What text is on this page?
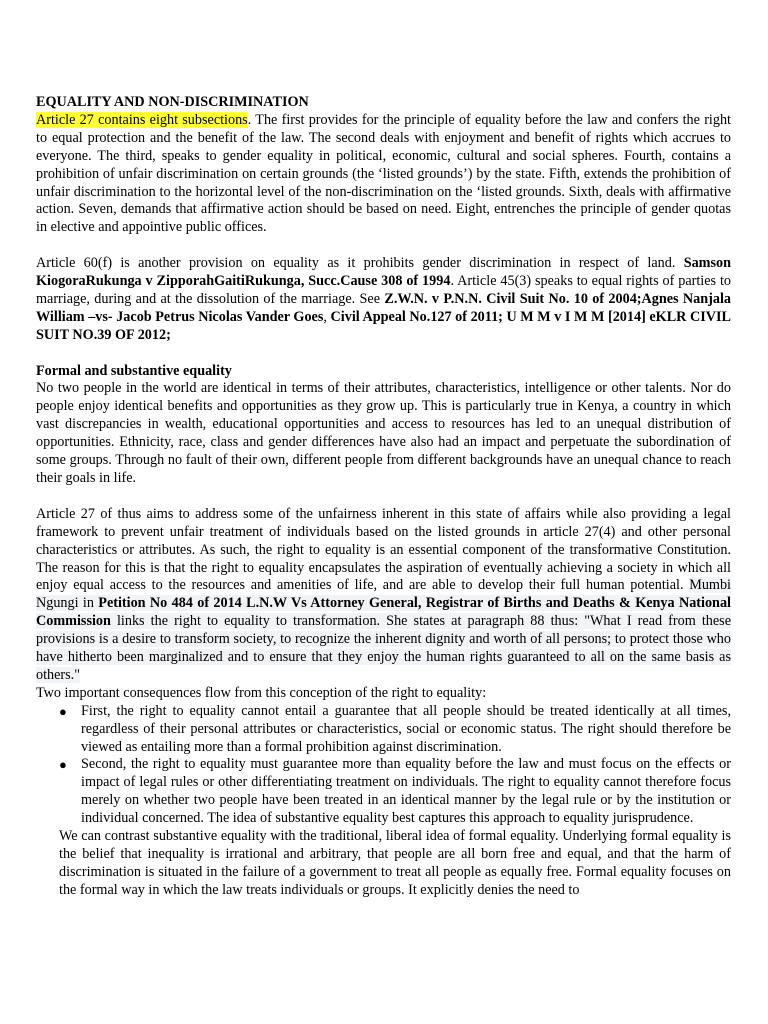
EQUALITY AND NON-DISCRIMINATION

Article 27 contains eight subsections. The first provides for the principle of equality before the law and confers the right to equal protection and the benefit of the law. The second deals with enjoyment and benefit of rights which accrues to everyone. The third, speaks to gender equality in political, economic, cultural and social spheres. Fourth, contains a prohibition of unfair discrimination on certain grounds (the ‘listed grounds’) by the state. Fifth, extends the prohibition of unfair discrimination to the horizontal level of the non-discrimination on the ‘listed grounds. Sixth, deals with affirmative action. Seven, demands that affirmative action should be based on need. Eight, entrenches the principle of gender quotas in elective and appointive public offices.

Article 60(f) is another provision on equality as it prohibits gender discrimination in respect of land. Samson KiogoraRukunga v ZipporahGaitiRukunga, Succ.Cause 308 of 1994. Article 45(3) speaks to equal rights of parties to marriage, during and at the dissolution of the marriage. See Z.W.N. v P.N.N. Civil Suit No. 10 of 2004;Agnes Nanjala William –vs- Jacob Petrus Nicolas Vander Goes, Civil Appeal No.127 of 2011; U M M v I M M [2014] eKLR CIVIL SUIT NO.39 OF 2012;

Formal and substantive equality

No two people in the world are identical in terms of their attributes, characteristics, intelligence or other talents. Nor do people enjoy identical benefits and opportunities as they grow up. This is particularly true in Kenya, a country in which vast discrepancies in wealth, educational opportunities and access to resources has led to an unequal distribution of opportunities. Ethnicity, race, class and gender differences have also had an impact and perpetuate the subordination of some groups. Through no fault of their own, different people from different backgrounds have an unequal chance to reach their goals in life.

Article 27 of thus aims to address some of the unfairness inherent in this state of affairs while also providing a legal framework to prevent unfair treatment of individuals based on the listed grounds in article 27(4) and other personal characteristics or attributes. As such, the right to equality is an essential component of the transformative Constitution. The reason for this is that the right to equality encapsulates the aspiration of eventually achieving a society in which all enjoy equal access to the resources and amenities of life, and are able to develop their full human potential. Mumbi Ngungi in Petition No 484 of 2014 L.N.W Vs Attorney General, Registrar of Births and Deaths & Kenya National Commission links the right to equality to transformation. She states at paragraph 88 thus: "What I read from these provisions is a desire to transform society, to recognize the inherent dignity and worth of all persons; to protect those who have hitherto been marginalized and to ensure that they enjoy the human rights guaranteed to all on the same basis as others."

Two important consequences flow from this conception of the right to equality:

● First, the right to equality cannot entail a guarantee that all people should be treated identically at all times, regardless of their personal attributes or characteristics, social or economic status. The right should therefore be viewed as entailing more than a formal prohibition against discrimination.
● Second, the right to equality must guarantee more than equality before the law and must focus on the effects or impact of legal rules or other differentiating treatment on individuals. The right to equality cannot therefore focus merely on whether two people have been treated in an identical manner by the legal rule or by the institution or individual concerned. The idea of substantive equality best captures this approach to equality jurisprudence.

We can contrast substantive equality with the traditional, liberal idea of formal equality. Underlying formal equality is the belief that inequality is irrational and arbitrary, that people are all born free and equal, and that the harm of discrimination is situated in the failure of a government to treat all people as equally free. Formal equality focuses on the formal way in which the law treats individuals or groups. It explicitly denies the need to
